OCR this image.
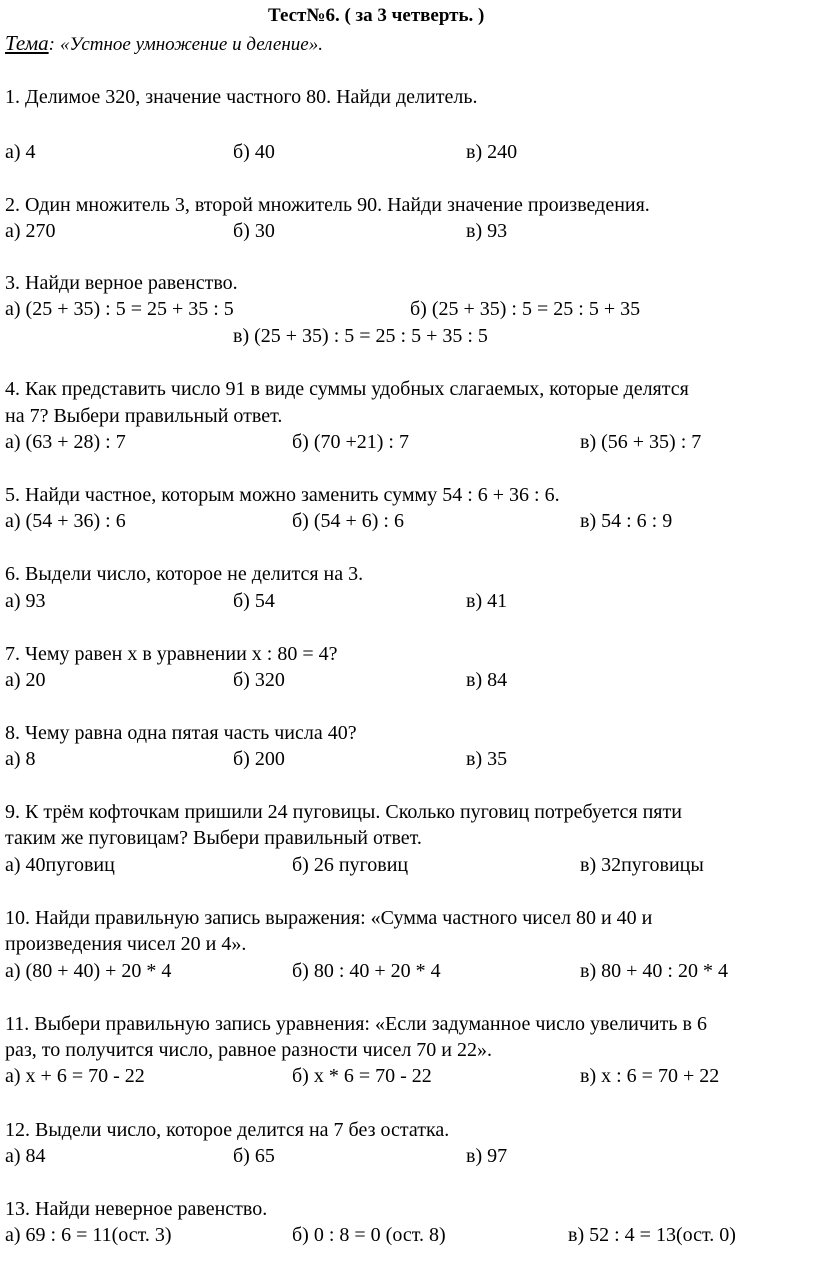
Тест№6. ( за 3 четверть. )
Тема: «Устное умножение и деление».
1. Делимое 320, значение частного 80. Найди делитель.
а) 4	б) 40	в) 240
2. Один множитель 3, второй множитель 90. Найди значение произведения.
а) 270	б) 30	в) 93
3. Найди верное равенство.
а) (25 + 35) : 5 = 25 + 35 : 5	б) (25 + 35) : 5 = 25 : 5 + 35
в) (25 + 35) : 5 = 25 : 5 + 35 : 5
4. Как представить число 91 в виде суммы удобных слагаемых, которые делятся
на 7? Выбери правильный ответ.
а) (63 + 28) : 7	б) (70 +21) : 7	в) (56 + 35) : 7
5. Найди частное, которым можно заменить сумму 54 : 6 + 36 : 6.
а) (54 + 36) : 6	б) (54 + 6) : 6	в) 54 : 6 : 9
6. Выдели число, которое не делится на 3.
а) 93	б) 54	в) 41
7. Чему равен х в уравнении х : 80 = 4?
а) 20	б) 320	в) 84
8. Чему равна одна пятая часть числа 40?
а) 8	б) 200	в) 35
9. К трём кофточкам пришили 24 пуговицы. Сколько пуговиц потребуется пяти
таким же пуговицам? Выбери правильный ответ.
а) 40пуговиц	б) 26 пуговиц	в) 32пуговицы
10. Найди правильную запись выражения: «Сумма частного чисел 80 и 40 и
произведения чисел 20 и 4».
а) (80 + 40) + 20 * 4	б) 80 : 40 + 20 * 4	в) 80 + 40 : 20 * 4
11. Выбери правильную запись уравнения: «Если задуманное число увеличить в 6
раз, то получится число, равное разности чисел 70 и 22».
а) х + 6 = 70 - 22	б) х * 6 = 70 - 22	в) х : 6 = 70 + 22
12. Выдели число, которое делится на 7 без остатка.
а) 84	б) 65	в) 97
13. Найди неверное равенство.
а) 69 : 6 = 11(ост. 3)	б) 0 : 8 = 0 (ост. 8)	в) 52 : 4 = 13(ост. 0)
